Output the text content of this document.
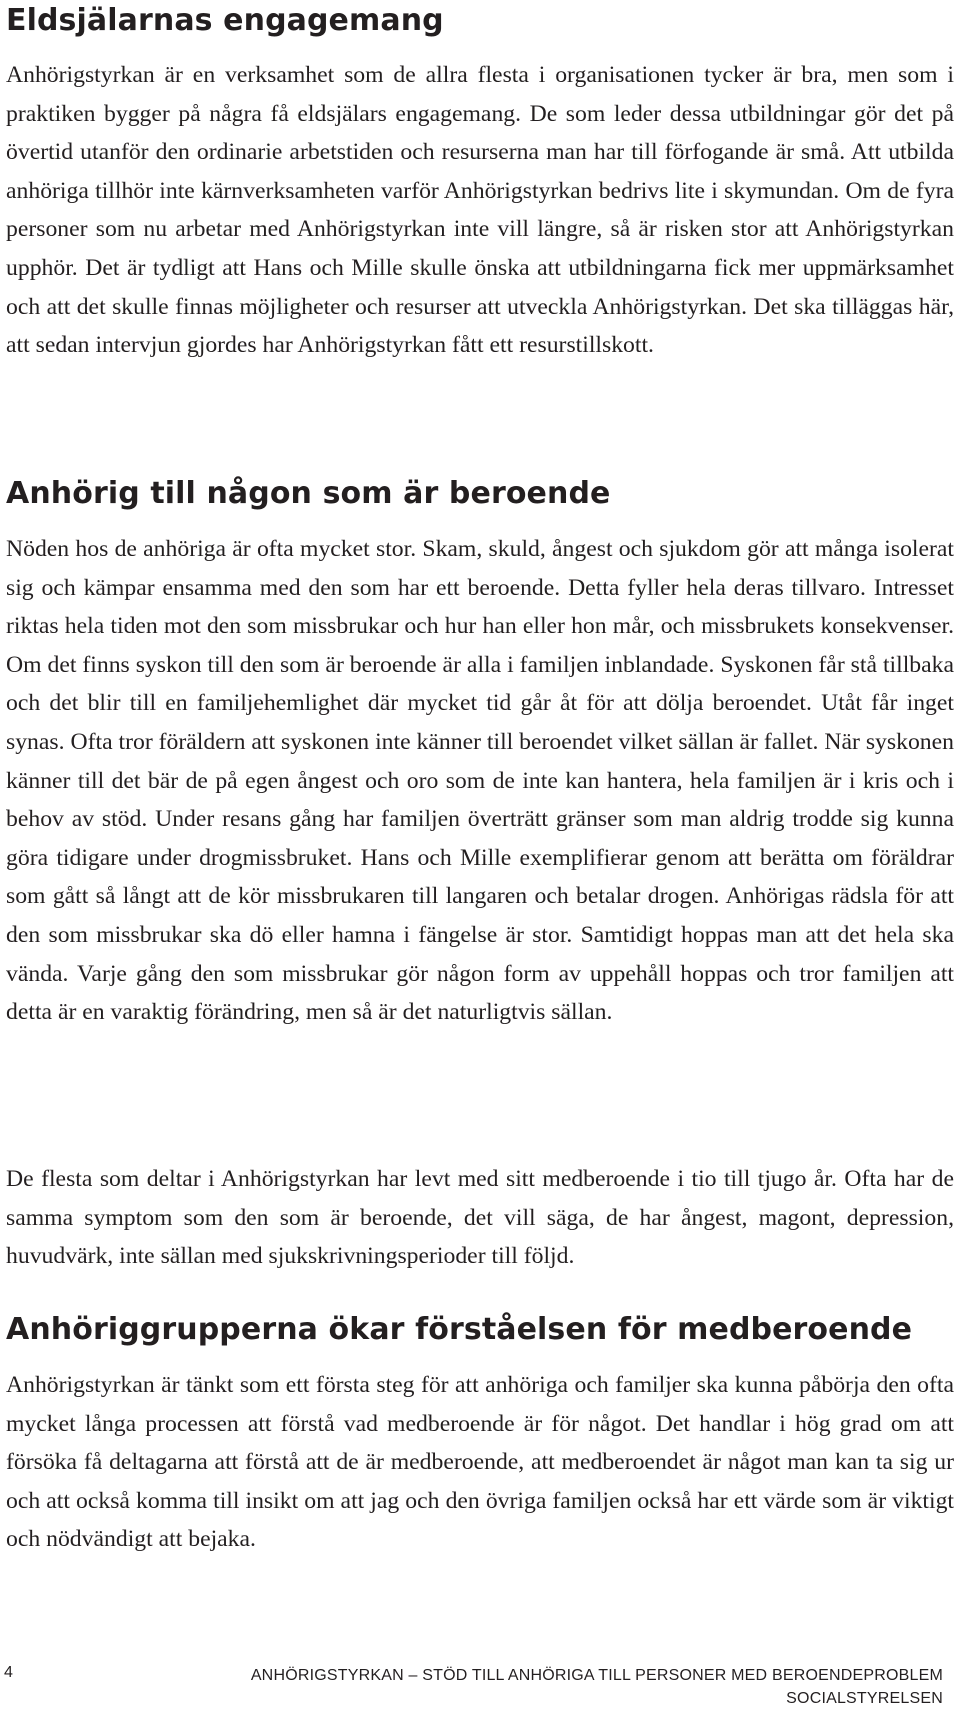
Eldsjälarnas engagemang

Anhörigstyrkan är en verksamhet som de allra flesta i organisationen tycker är bra, men som i praktiken bygger på några få eldsjälars engagemang. De som leder dessa utbildningar gör det på övertid utanför den ordinarie arbetstiden och resurserna man har till förfogande är små. Att utbilda anhöriga tillhör inte kärnverksamheten varför Anhörigstyrkan bedrivs lite i skymundan. Om de fyra personer som nu arbetar med Anhörigstyrkan inte vill längre, så är risken stor att Anhörigstyrkan upphör. Det är tydligt att Hans och Mille skulle önska att utbildningarna fick mer uppmärksamhet och att det skulle finnas möjligheter och resurser att utveckla Anhörigstyrkan. Det ska tilläggas här, att sedan intervjun gjordes har Anhörigstyrkan fått ett resurstillskott.

Anhörig till någon som är beroende

Nöden hos de anhöriga är ofta mycket stor. Skam, skuld, ångest och sjukdom gör att många isolerat sig och kämpar ensamma med den som har ett beroende. Detta fyller hela deras tillvaro. Intresset riktas hela tiden mot den som missbrukar och hur han eller hon mår, och missbrukets konsekvenser. Om det finns syskon till den som är beroende är alla i familjen inblandade. Syskonen får stå tillbaka och det blir till en familjehemlighet där mycket tid går åt för att dölja beroendet. Utåt får inget synas. Ofta tror föräldern att syskonen inte känner till beroendet vilket sällan är fallet. När syskonen känner till det bär de på egen ångest och oro som de inte kan hantera, hela familjen är i kris och i behov av stöd. Under resans gång har familjen överträtt gränser som man aldrig trodde sig kunna göra tidigare under drogmissbruket. Hans och Mille exemplifierar genom att berätta om föräldrar som gått så långt att de kör missbrukaren till langaren och betalar drogen. Anhörigas rädsla för att den som missbrukar ska dö eller hamna i fängelse är stor. Samtidigt hoppas man att det hela ska vända. Varje gång den som missbrukar gör någon form av uppehåll hoppas och tror familjen att detta är en varaktig förändring, men så är det naturligtvis sällan.

De flesta som deltar i Anhörigstyrkan har levt med sitt medberoende i tio till tjugo år. Ofta har de samma symptom som den som är beroende, det vill säga, de har ångest, magont, depression, huvudvärk, inte sällan med sjukskrivningsperioder till följd.

Anhöriggrupperna ökar förståelsen för medberoende

Anhörigstyrkan är tänkt som ett första steg för att anhöriga och familjer ska kunna påbörja den ofta mycket långa processen att förstå vad medberoende är för något. Det handlar i hög grad om att försöka få deltagarna att förstå att de är medberoende, att medberoendet är något man kan ta sig ur och att också komma till insikt om att jag och den övriga familjen också har ett värde som är viktigt och nödvändigt att bejaka.

4	ANHÖRIGSTYRKAN – STÖD TILL ANHÖRIGA TILL PERSONER MED BEROENDEPROBLEM
SOCIALSTYRELSEN
